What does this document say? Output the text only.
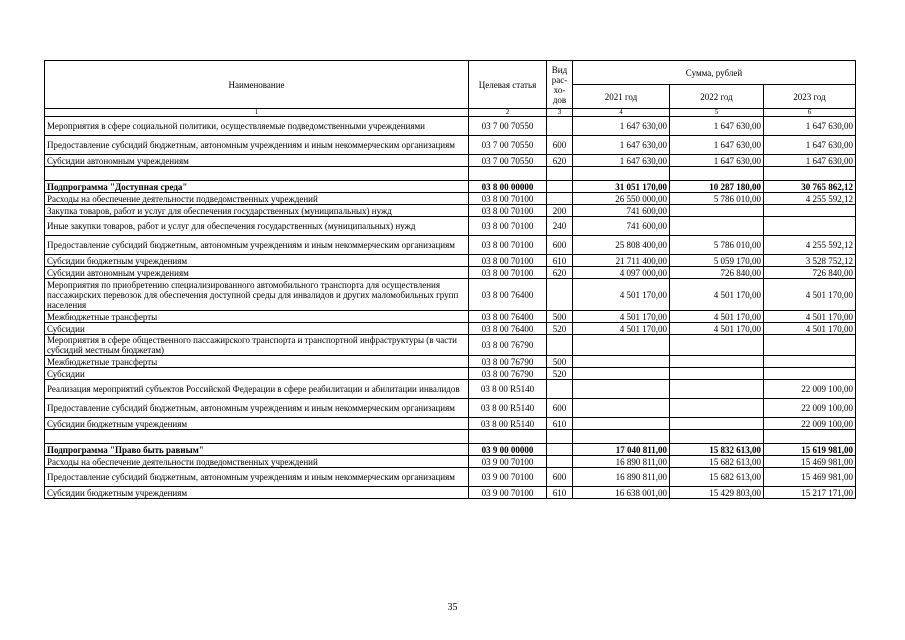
Наименование	Целевая статья	Вид
рас-
хо-
дов	Сумма, рублей		
			2021 год	2022 год	2023 год
1	2	3	4	5	6
Мероприятия в сфере социальной политики, осуществляемые подведомственными учреждениями	03 7 00 70550		1 647 630,00	1 647 630,00	1 647 630,00
Предоставление субсидий бюджетным, автономным учреждениям и иным некоммерческим организациям	03 7 00 70550	600	1 647 630,00	1 647 630,00	1 647 630,00
Субсидии автономным учреждениям	03 7 00 70550	620	1 647 630,00	1 647 630,00	1 647 630,00

Подпрограмма "Доступная среда"	03 8 00 00000		31 051 170,00	10 287 180,00	30 765 862,12
Расходы на обеспечение деятельности подведомственных учреждений	03 8 00 70100		26 550 000,00	5 786 010,00	4 255 592,12
Закупка товаров, работ и услуг для обеспечения государственных (муниципальных) нужд	03 8 00 70100	200	741 600,00		
Иные закупки товаров, работ и услуг для обеспечения государственных (муниципальных) нужд	03 8 00 70100	240	741 600,00		
Предоставление субсидий бюджетным, автономным учреждениям и иным некоммерческим организациям	03 8 00 70100	600	25 808 400,00	5 786 010,00	4 255 592,12
Субсидии бюджетным учреждениям	03 8 00 70100	610	21 711 400,00	5 059 170,00	3 528 752,12
Субсидии автономным учреждениям	03 8 00 70100	620	4 097 000,00	726 840,00	726 840,00
Мероприятия по приобретению специализированного автомобильного транспорта для осуществления пассажирских перевозок для обеспечения доступной среды для инвалидов и других маломобильных групп населения	03 8 00 76400		4 501 170,00	4 501 170,00	4 501 170,00
Межбюджетные трансферты	03 8 00 76400	500	4 501 170,00	4 501 170,00	4 501 170,00
Субсидии	03 8 00 76400	520	4 501 170,00	4 501 170,00	4 501 170,00
Мероприятия в сфере общественного пассажирского транспорта и транспортной инфраструктуры (в части субсидий местным бюджетам)	03 8 00 76790				
Межбюджетные трансферты	03 8 00 76790	500			
Субсидии	03 8 00 76790	520			
Реализация мероприятий субъектов Российской Федерации в сфере реабилитации и абилитации инвалидов	03 8 00 R5140				22 009 100,00
Предоставление субсидий бюджетным, автономным учреждениям и иным некоммерческим организациям	03 8 00 R5140	600			22 009 100,00
Субсидии бюджетным учреждениям	03 8 00 R5140	610			22 009 100,00

Подпрограмма "Право быть равным"	03 9 00 00000		17 040 811,00	15 832 613,00	15 619 981,00
Расходы на обеспечение деятельности подведомственных учреждений	03 9 00 70100		16 890 811,00	15 682 613,00	15 469 981,00
Предоставление субсидий бюджетным, автономным учреждениям и иным некоммерческим организациям	03 9 00 70100	600	16 890 811,00	15 682 613,00	15 469 981,00
Субсидии бюджетным учреждениям	03 9 00 70100	610	16 638 001,00	15 429 803,00	15 217 171,00
35
